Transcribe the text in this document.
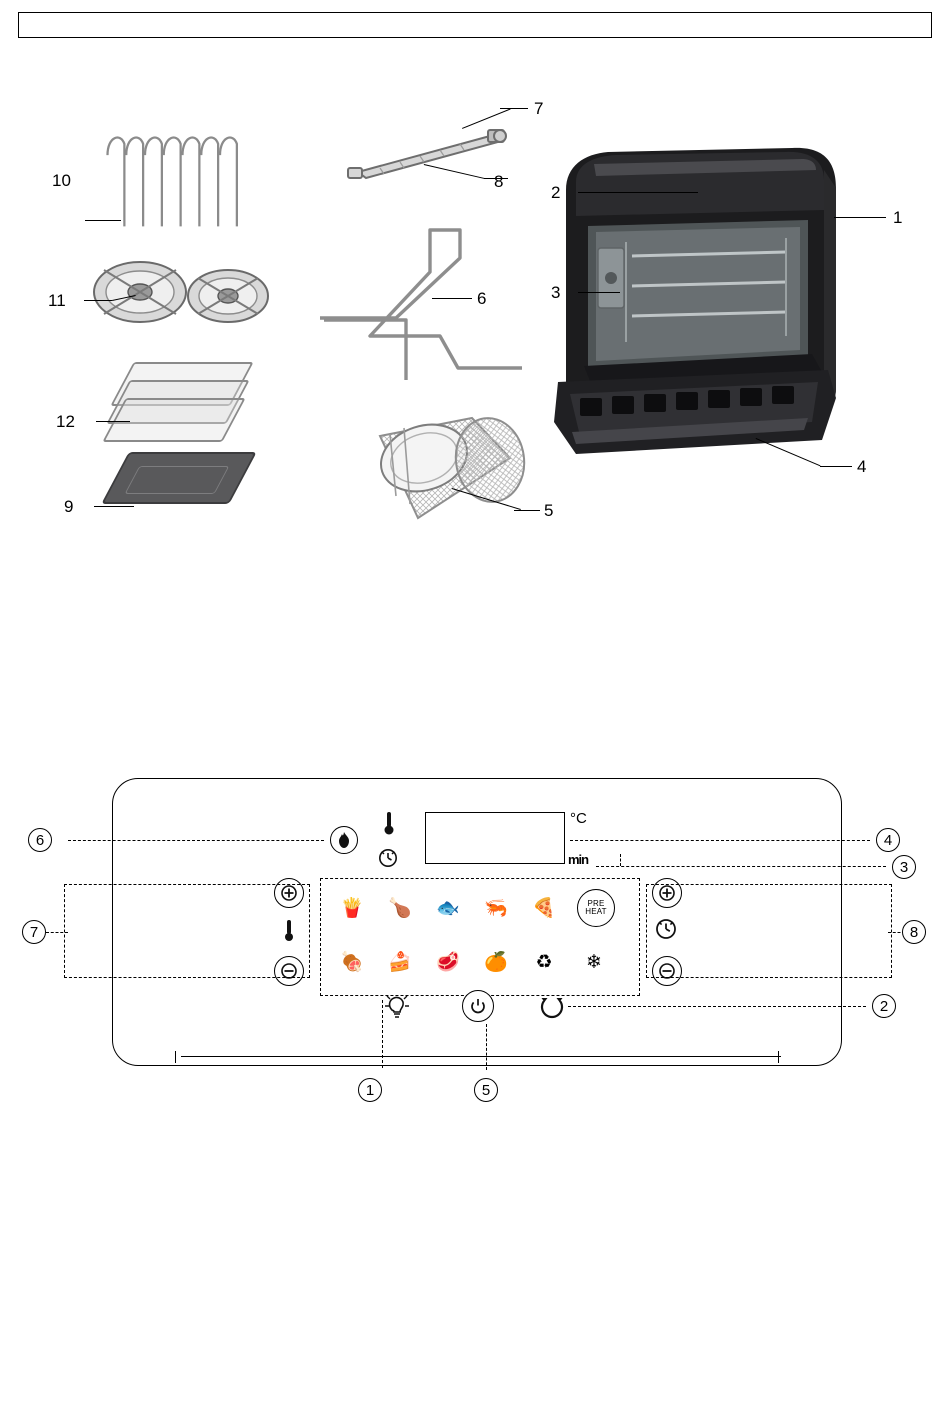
10
11
12
9
7
8
6
5
1
2
3
4
°C
min
6
7	8
🍟 🍗 🐟 🦐 🍕	PRE
HEAT
🍖 🍰 🥩 🍊 ♻ ❄
4
3
1	5
2
